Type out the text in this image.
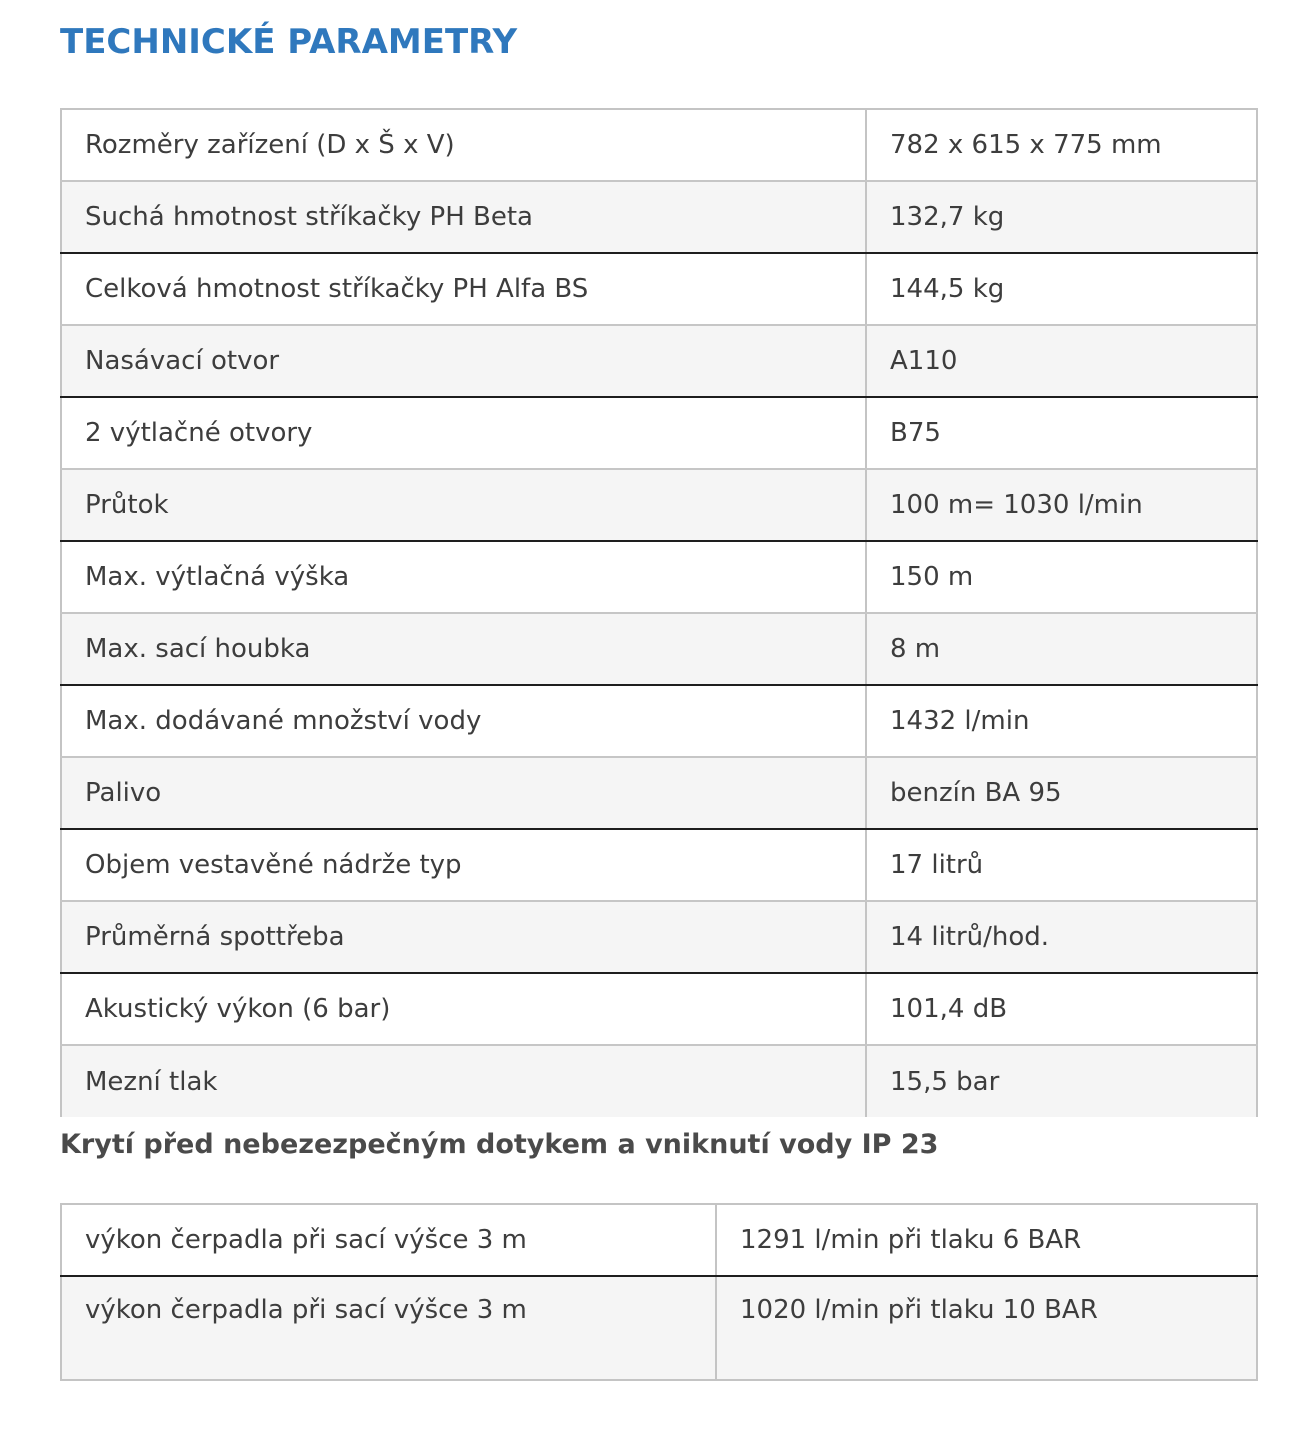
TECHNICKÉ PARAMETRY
Rozměry zařízení (D x Š x V)	782 x 615 x 775 mm
Suchá hmotnost stříkačky PH Beta	132,7 kg
Celková hmotnost stříkačky PH Alfa BS	144,5 kg
Nasávací otvor	A110
2 výtlačné otvory	B75
Průtok	100 m= 1030 l/min
Max. výtlačná výška	150 m
Max. sací houbka	8 m
Max. dodávané množství vody	1432 l/min
Palivo	benzín BA 95
Objem vestavěné nádrže typ	17 litrů
Průměrná spottřeba	14 litrů/hod.
Akustický výkon (6 bar)	101,4 dB
Mezní tlak	15,5 bar

Krytí před nebezezpečným dotykem a vniknutí vody IP 23

výkon čerpadla při sací výšce 3 m	1291 l/min při tlaku 6 BAR
výkon čerpadla při sací výšce 3 m	1020 l/min při tlaku 10 BAR
